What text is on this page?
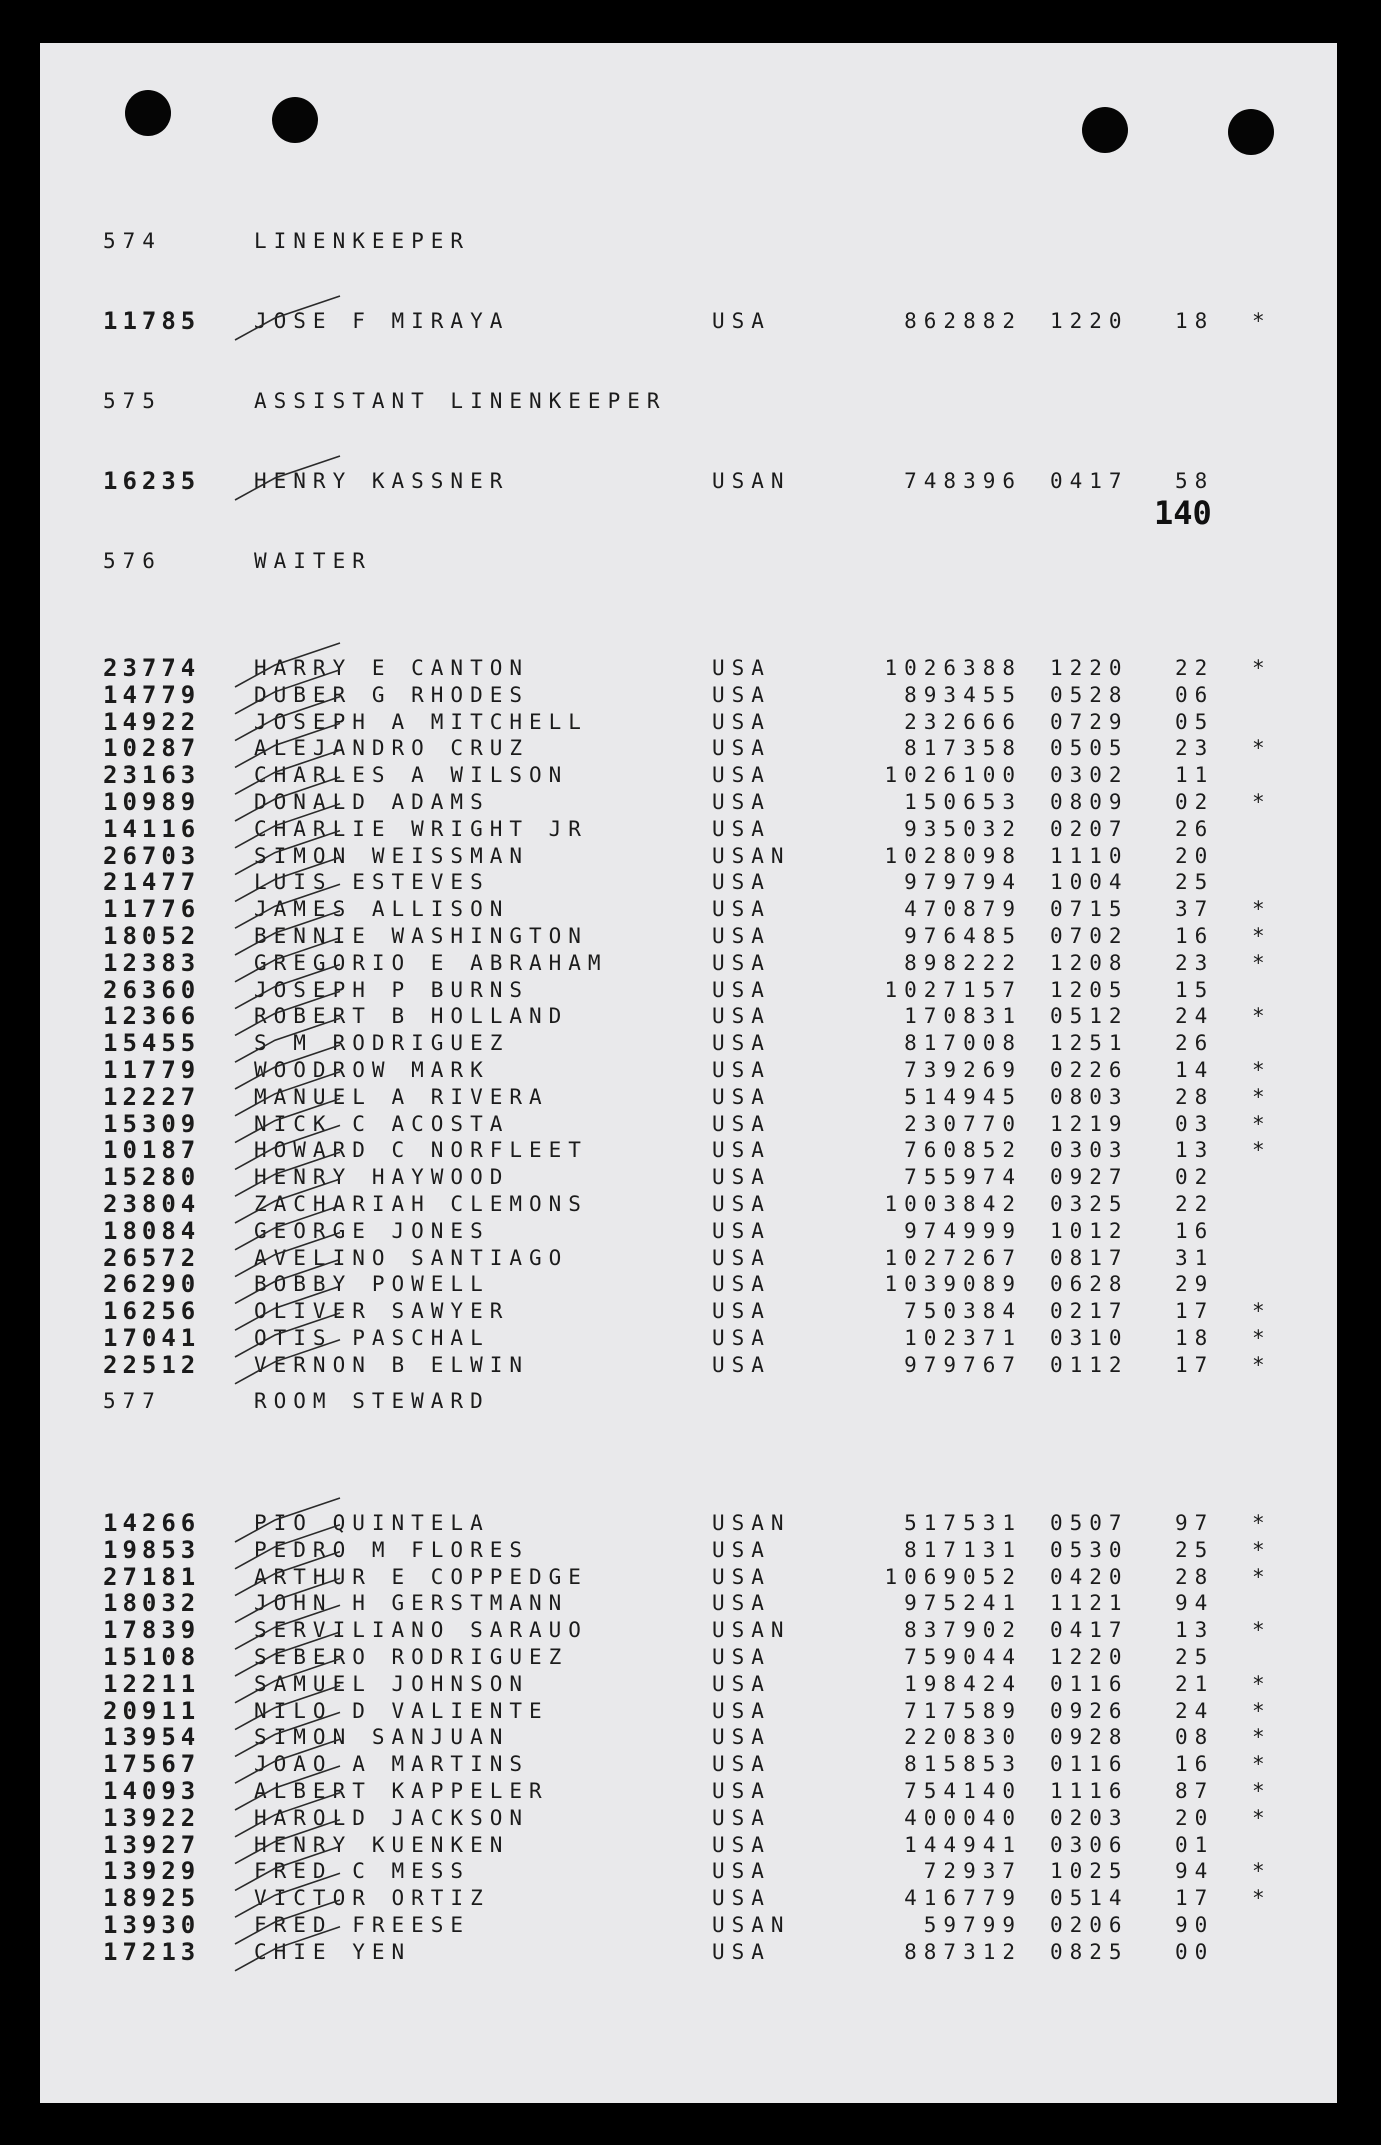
140
574	LINENKEEPER
11785	JOSE F MIRAYA	USA	862882 1220 18 *
575	ASSISTANT LINENKEEPER
16235	HENRY KASSNER	USAN	748396 0417 58
576	WAITER
23774	HARRY E CANTON	USA	1026388 1220 22 *
14779	DUBER G RHODES	USA	893455 0528 06
14922	JOSEPH A MITCHELL	USA	232666 0729 05
10287	ALEJANDRO CRUZ	USA	817358 0505 23 *
23163	CHARLES A WILSON	USA	1026100 0302 11
10989	DONALD ADAMS	USA	150653 0809 02 *
14116	CHARLIE WRIGHT JR	USA	935032 0207 26
26703	SIMON WEISSMAN	USAN	1028098 1110 20
21477	LUIS ESTEVES	USA	979794 1004 25
11776	JAMES ALLISON	USA	470879 0715 37 *
18052	BENNIE WASHINGTON	USA	976485 0702 16 *
12383	GREGORIO E ABRAHAM	USA	898222 1208 23 *
26360	JOSEPH P BURNS	USA	1027157 1205 15
12366	ROBERT B HOLLAND	USA	170831 0512 24 *
15455	S M RODRIGUEZ	USA	817008 1251 26
11779	WOODROW MARK	USA	739269 0226 14 *
12227	MANUEL A RIVERA	USA	514945 0803 28 *
15309	NICK C ACOSTA	USA	230770 1219 03 *
10187	HOWARD C NORFLEET	USA	760852 0303 13 *
15280	HENRY HAYWOOD	USA	755974 0927 02
23804	ZACHARIAH CLEMONS	USA	1003842 0325 22
18084	GEORGE JONES	USA	974999 1012 16
26572	AVELINO SANTIAGO	USA	1027267 0817 31
26290	BOBBY POWELL	USA	1039089 0628 29
16256	OLIVER SAWYER	USA	750384 0217 17 *
17041	OTIS PASCHAL	USA	102371 0310 18 *
22512	VERNON B ELWIN	USA	979767 0112 17 *
577	ROOM STEWARD
14266	PIO QUINTELA	USAN	517531 0507 97 *
19853	PEDRO M FLORES	USA	817131 0530 25 *
27181	ARTHUR E COPPEDGE	USA	1069052 0420 28 *
18032	JOHN H GERSTMANN	USA	975241 1121 94
17839	SERVILIANO SARAUO	USAN	837902 0417 13 *
15108	SEBERO RODRIGUEZ	USA	759044 1220 25
12211	SAMUEL JOHNSON	USA	198424 0116 21 *
20911	NILO D VALIENTE	USA	717589 0926 24 *
13954	SIMON SANJUAN	USA	220830 0928 08 *
17567	JOAO A MARTINS	USA	815853 0116 16 *
14093	ALBERT KAPPELER	USA	754140 1116 87 *
13922	HAROLD JACKSON	USA	400040 0203 20 *
13927	HENRY KUENKEN	USA	144941 0306 01
13929	FRED C MESS	USA	72937 1025 94 *
18925	VICTOR ORTIZ	USA	416779 0514 17 *
13930	FRED FREESE	USAN	59799 0206 90
17213	CHIE YEN	USA	887312 0825 00
